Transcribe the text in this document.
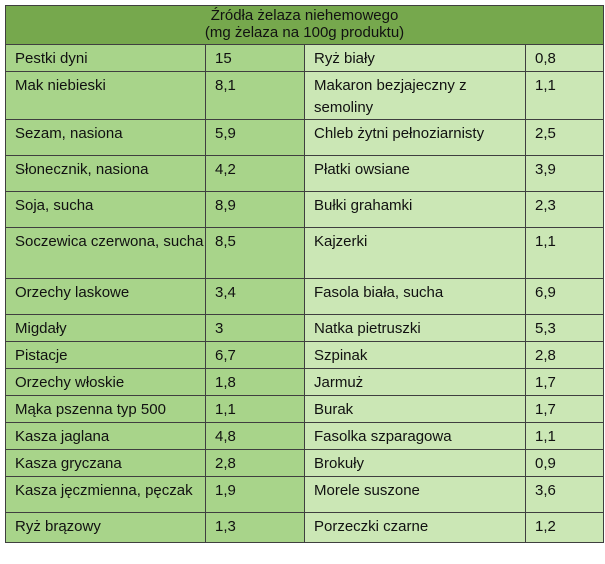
Źródła żelaza niehemowego
(mg żelaza na 100g produktu)			

Pestki dyni	15	Ryż biały	0,8
Mak niebieski	8,1	Makaron bezjajeczny z semoliny	1,1
Sezam, nasiona	5,9	Chleb żytni pełnoziarnisty	2,5
Słonecznik, nasiona	4,2	Płatki owsiane	3,9
Soja, sucha	8,9	Bułki grahamki	2,3
Soczewica czerwona, sucha	8,5	Kajzerki	1,1
Orzechy laskowe	3,4	Fasola biała, sucha	6,9
Migdały	3	Natka pietruszki	5,3
Pistacje	6,7	Szpinak	2,8
Orzechy włoskie	1,8	Jarmuż	1,7
Mąka pszenna typ 500	1,1	Burak	1,7
Kasza jaglana	4,8	Fasolka szparagowa	1,1
Kasza gryczana	2,8	Brokuły	0,9
Kasza jęczmienna, pęczak	1,9	Morele suszone	3,6
Ryż brązowy	1,3	Porzeczki czarne	1,2
